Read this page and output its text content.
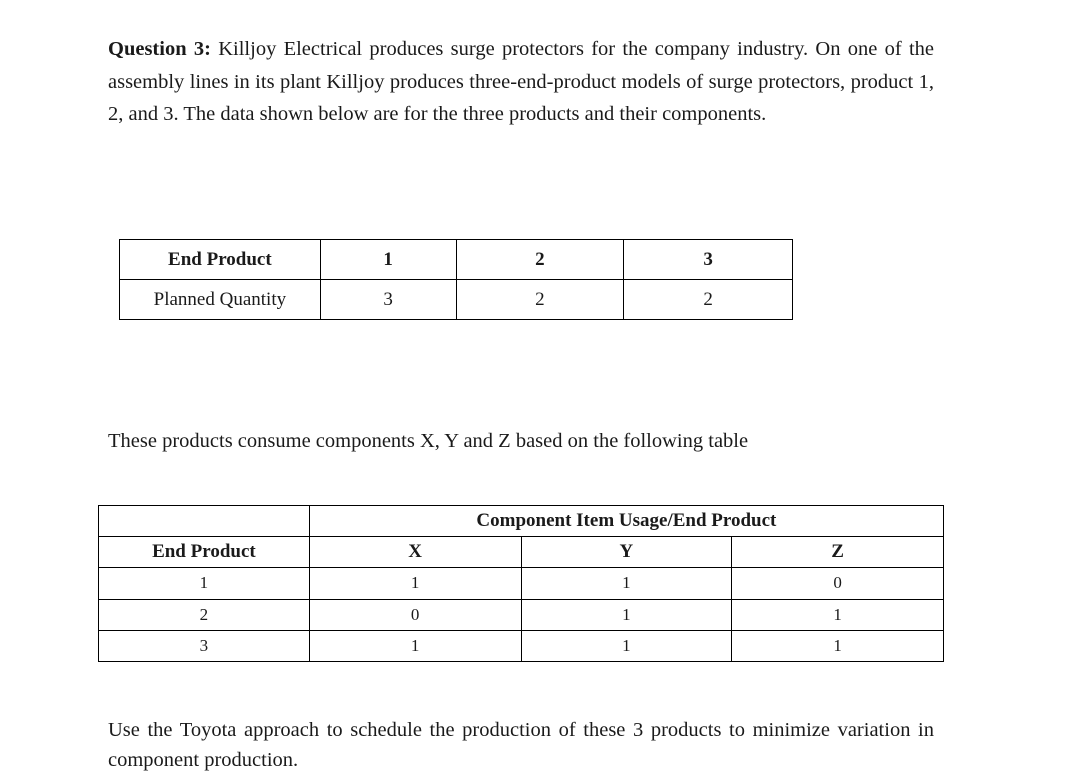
Question 3: Killjoy Electrical produces surge protectors for the company industry. On one of the assembly lines in its plant Killjoy produces three-end-product models of surge protectors, product 1, 2, and 3. The data shown below are for the three products and their components.

End Product	1	2	3
Planned Quantity	3	2	2

These products consume components X, Y and Z based on the following table

	Component Item Usage/End Product		
End Product	X	Y	Z
1	1	1	0
2	0	1	1
3	1	1	1

Use the Toyota approach to schedule the production of these 3 products to minimize variation in component production.
